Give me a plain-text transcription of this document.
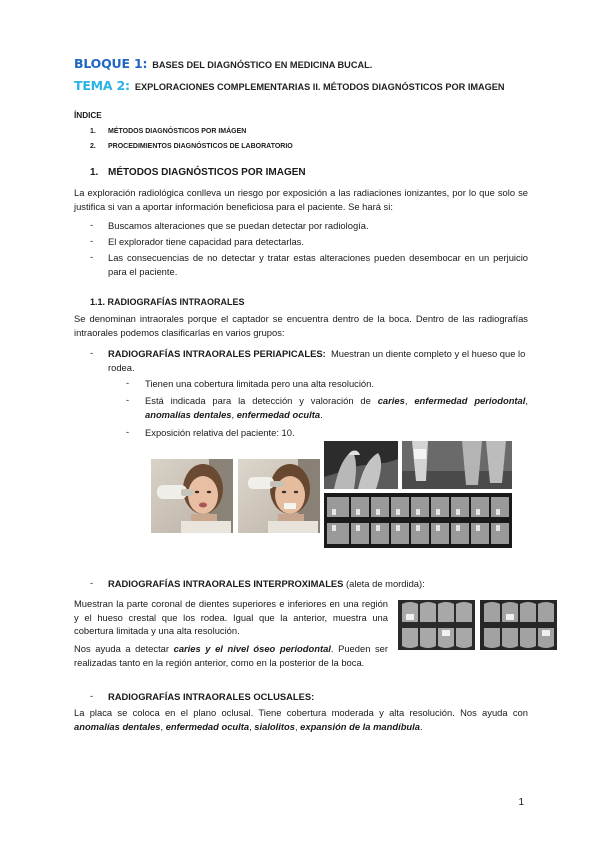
BLOQUE 1: BASES DEL DIAGNÓSTICO EN MEDICINA BUCAL.
TEMA 2: EXPLORACIONES COMPLEMENTARIAS II. MÉTODOS DIAGNÓSTICOS POR IMAGEN
ÍNDICE
1. MÉTODOS DIAGNÓSTICOS POR IMÁGEN
2. PROCEDIMIENTOS DIAGNÓSTICOS DE LABORATORIO
1. MÉTODOS DIAGNÓSTICOS POR IMAGEN
La exploración radiológica conlleva un riesgo por exposición a las radiaciones ionizantes, por lo que solo se justifica si van a aportar información beneficiosa para el paciente. Se hará si:
- Buscamos alteraciones que se puedan detectar por radiología.
- El explorador tiene capacidad para detectarlas.
- Las consecuencias de no detectar y tratar estas alteraciones pueden desembocar en un perjuicio para el paciente.
1.1. RADIOGRAFÍAS INTRAORALES
Se denominan intraorales porque el captador se encuentra dentro de la boca. Dentro de las radiografías intraorales podemos clasificarlas en varios grupos:
- RADIOGRAFÍAS INTRAORALES PERIAPICALES: Muestran un diente completo y el hueso que lo rodea.
- Tienen una cobertura limitada pero una alta resolución.
- Está indicada para la detección y valoración de caries, enfermedad periodontal, anomalías dentales, enfermedad oculta.
- Exposición relativa del paciente: 10.
- RADIOGRAFÍAS INTRAORALES INTERPROXIMALES (aleta de mordida):
Muestran la parte coronal de dientes superiores e inferiores en una región y el hueso crestal que los rodea. Igual que la anterior, muestra una cobertura limitada y una alta resolución.
Nos ayuda a detectar caries y el nivel óseo periodontal. Pueden ser realizadas tanto en la región anterior, como en la posterior de la boca.
- RADIOGRAFÍAS INTRAORALES OCLUSALES:
La placa se coloca en el plano oclusal. Tiene cobertura moderada y alta resolución. Nos ayuda con anomalías dentales, enfermedad oculta, sialolitos, expansión de la mandíbula.
1
